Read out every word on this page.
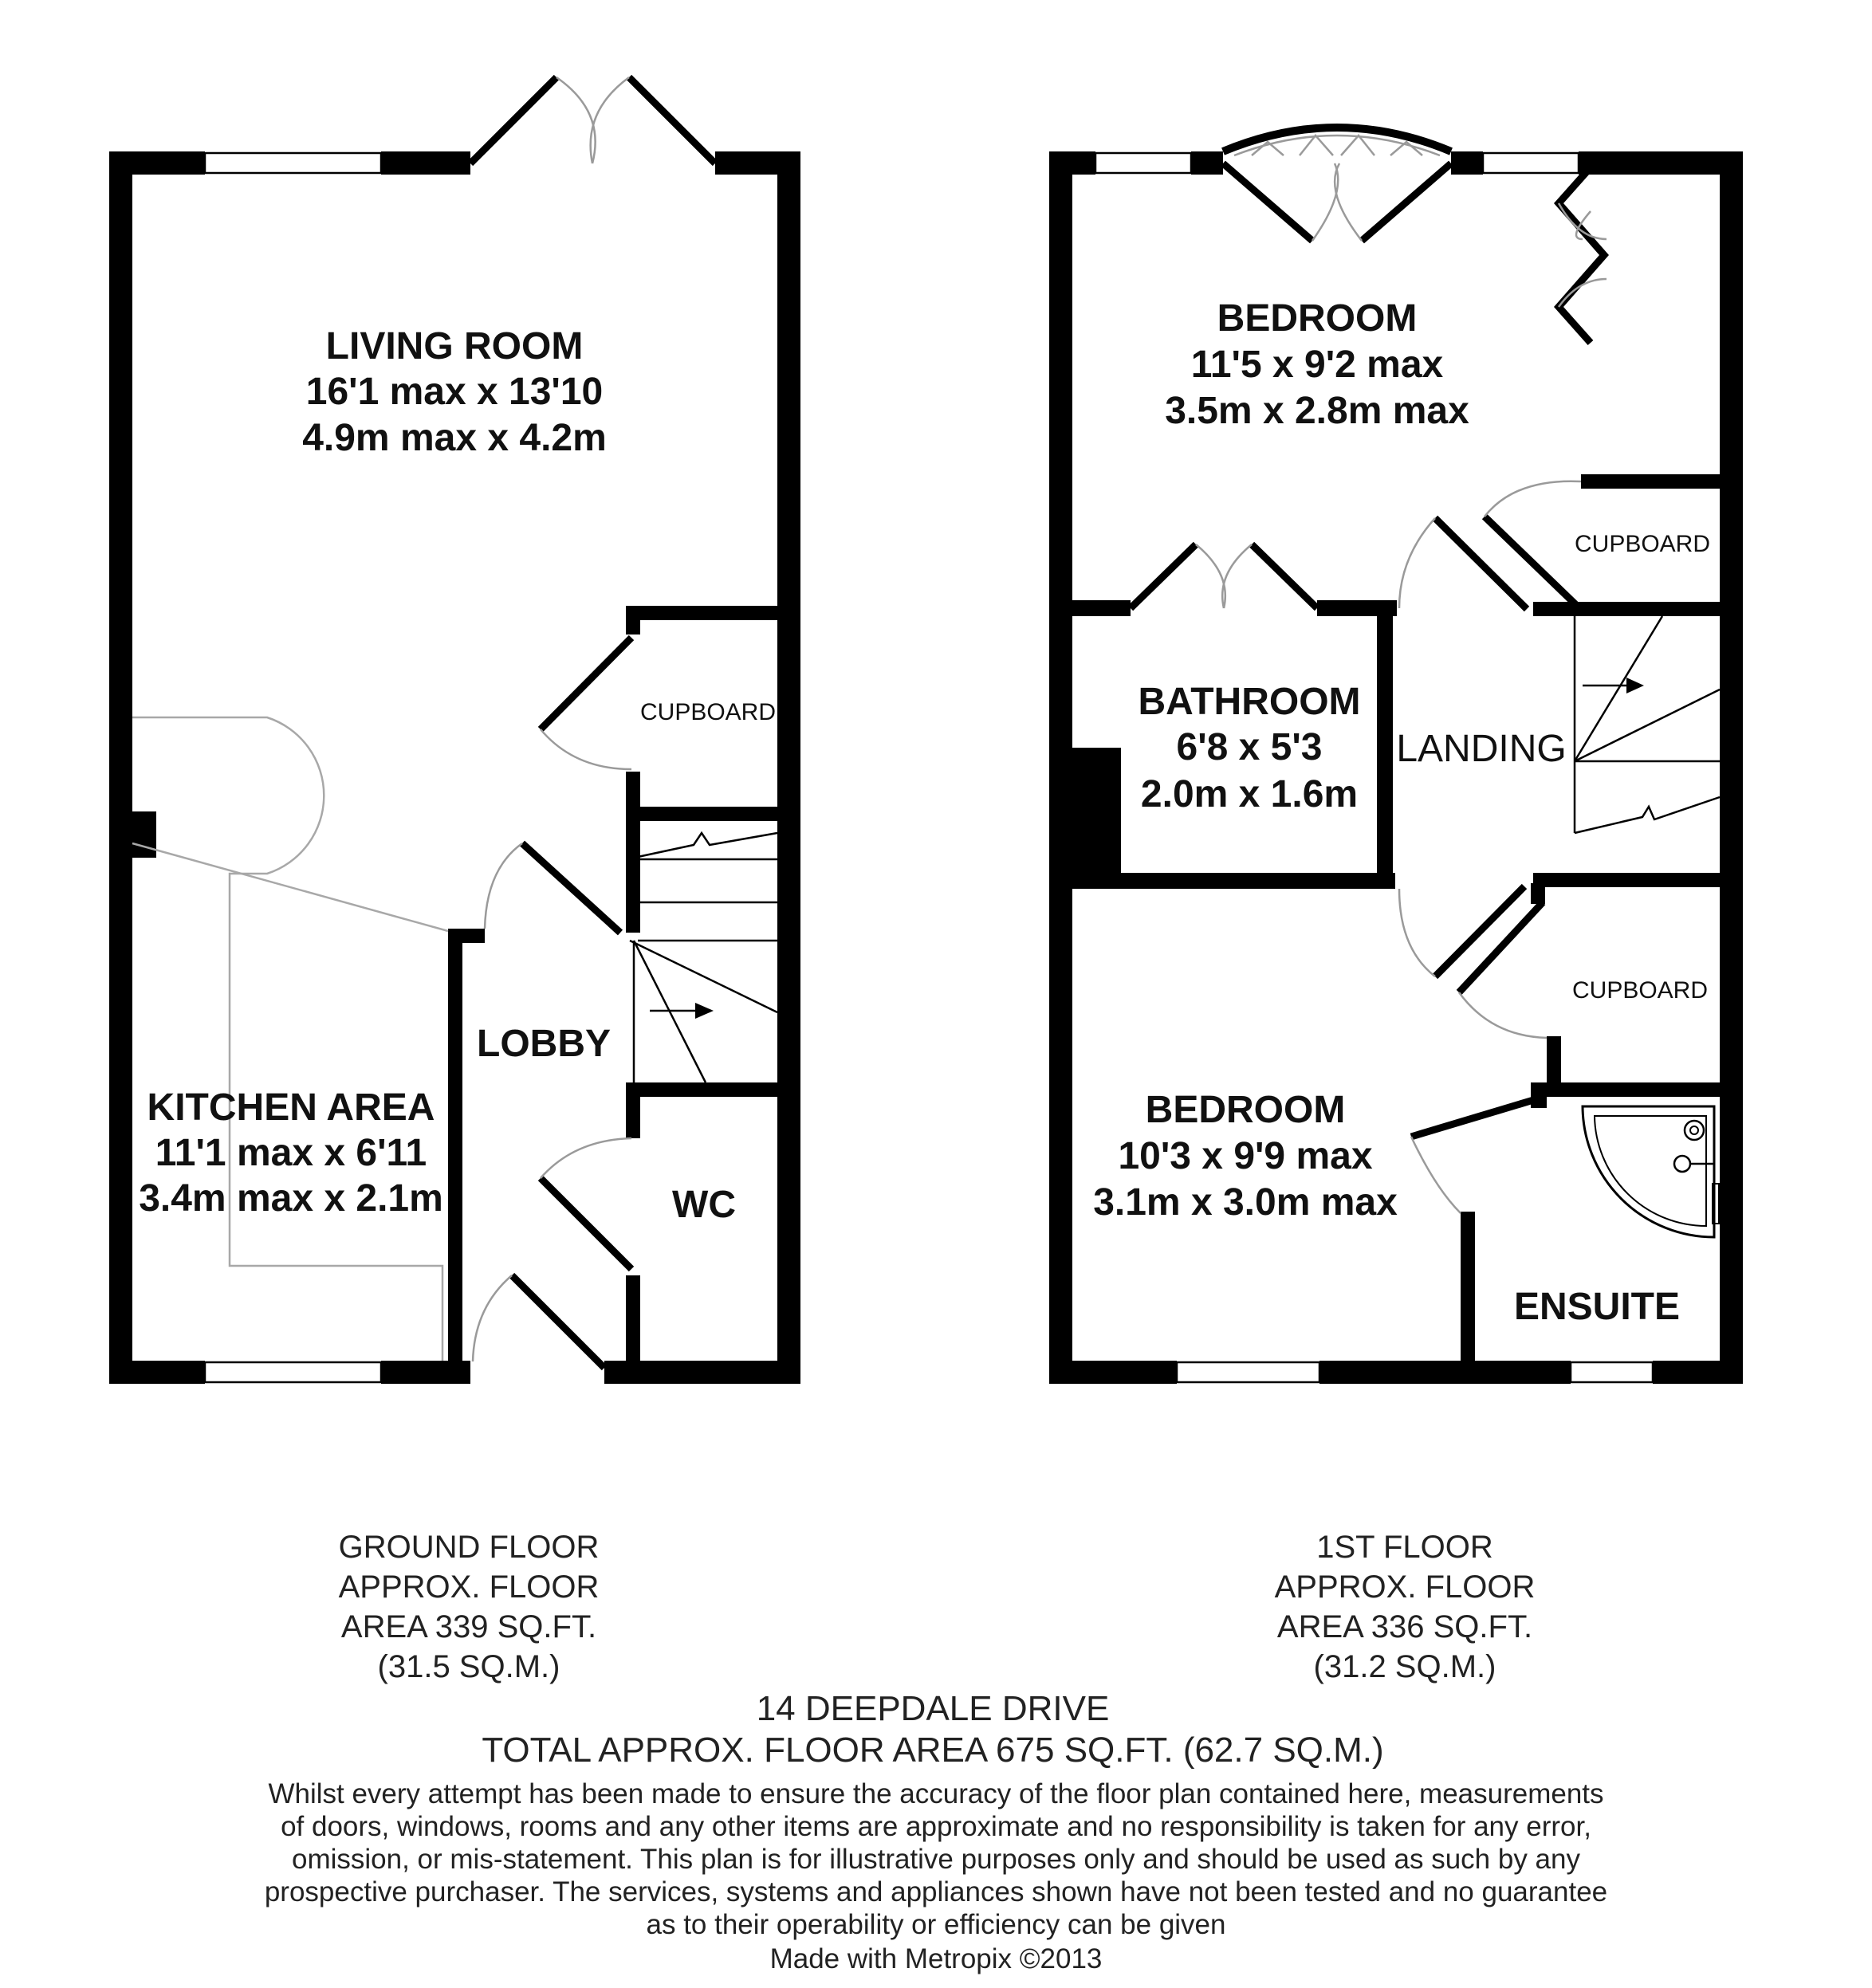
LIVING ROOM
16'1 max x 13'10
4.9m max x 4.2m
KITCHEN AREA
11'1 max x 6'11
3.4m max x 2.1m
LOBBY
CUPBOARD
WC
BEDROOM
11'5 x 9'2 max
3.5m x 2.8m max
CUPBOARD
BATHROOM
6'8 x 5'3
2.0m x 1.6m
LANDING
CUPBOARD
BEDROOM
10'3 x 9'9 max
3.1m x 3.0m max
ENSUITE
GROUND FLOOR
APPROX. FLOOR
AREA 339 SQ.FT.
(31.5 SQ.M.)
1ST FLOOR
APPROX. FLOOR
AREA 336 SQ.FT.
(31.2 SQ.M.)
14 DEEPDALE DRIVE
TOTAL APPROX. FLOOR AREA 675 SQ.FT. (62.7 SQ.M.)
Whilst every attempt has been made to ensure the accuracy of the floor plan contained here, measurements
of doors, windows, rooms and any other items are approximate and no responsibility is taken for any error,
omission, or mis-statement. This plan is for illustrative purposes only and should be used as such by any
prospective purchaser. The services, systems and appliances shown have not been tested and no guarantee
as to their operability or efficiency can be given
Made with Metropix ©2013
